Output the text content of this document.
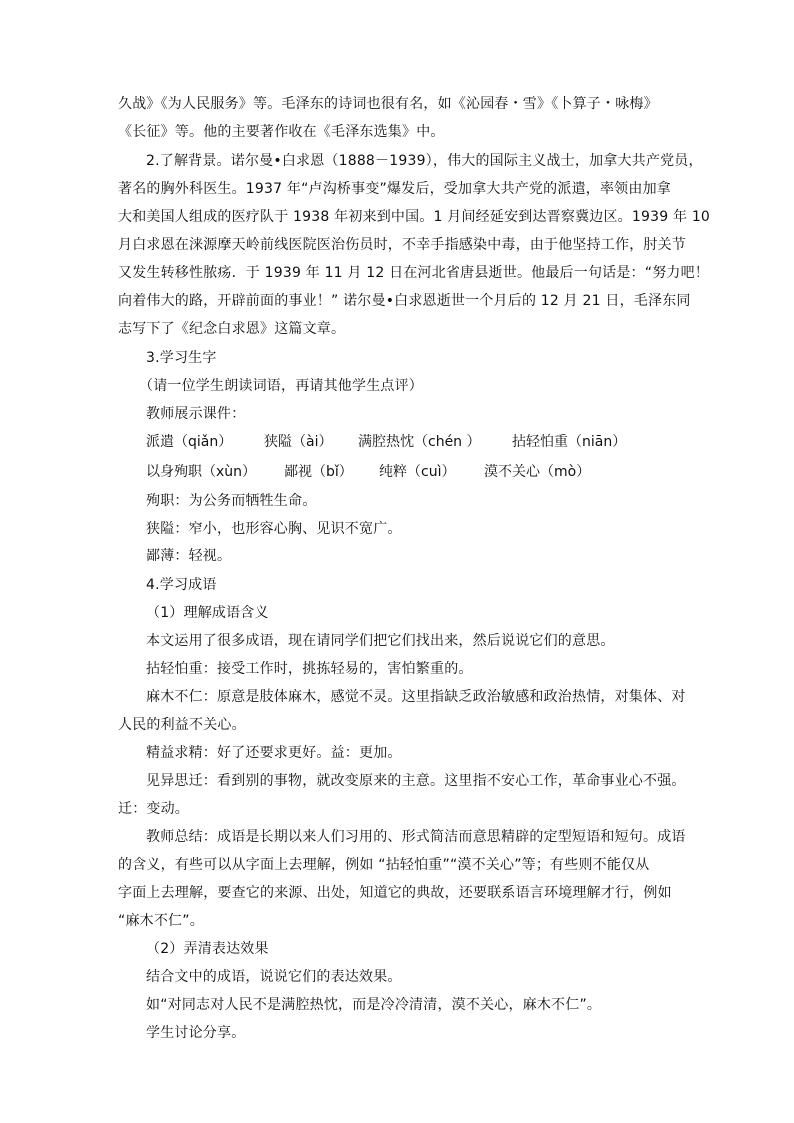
久战》《为人民服务》等。毛泽东的诗词也很有名，如《沁园春・雪》《卜算子・咏梅》
《长征》等。他的主要著作收在《毛泽东选集》中。
2.了解背景。诺尔曼•白求恩（1888－1939），伟大的国际主义战士，加拿大共产党员，
著名的胸外科医生。1937 年“卢沟桥事变”爆发后，受加拿大共产党的派遣，率领由加拿
大和美国人组成的医疗队于 1938 年初来到中国。1 月间经延安到达晋察冀边区。1939 年 10
月白求恩在涞源摩天岭前线医院医治伤员时，不幸手指感染中毒，由于他坚持工作，肘关节
又发生转移性脓疡．于 1939 年 11 月 12 日在河北省唐县逝世。他最后一句话是：“努力吧！
向着伟大的路，开辟前面的事业！” 诺尔曼•白求恩逝世一个月后的 12 月 21 日，毛泽东同
志写下了《纪念白求恩》这篇文章。
3.学习生字
（请一位学生朗读词语，再请其他学生点评）
教师展示课件：
派遣（qiǎn） 狭隘（ài） 满腔热忱（chén ） 拈轻怕重（niān）
以身殉职（xùn） 鄙视（bǐ） 纯粹（cuì） 漠不关心（mò）
殉职：为公务而牺牲生命。
狭隘：窄小，也形容心胸、见识不宽广。
鄙薄：轻视。
4.学习成语
（1）理解成语含义
本文运用了很多成语，现在请同学们把它们找出来，然后说说它们的意思。
拈轻怕重：接受工作时，挑拣轻易的，害怕繁重的。
麻木不仁：原意是肢体麻木，感觉不灵。这里指缺乏政治敏感和政治热情，对集体、对
人民的利益不关心。
精益求精：好了还要求更好。益：更加。
见异思迁：看到别的事物，就改变原来的主意。这里指不安心工作，革命事业心不强。
迁：变动。
教师总结：成语是长期以来人们习用的、形式简洁而意思精辟的定型短语和短句。成语
的含义，有些可以从字面上去理解，例如 “拈轻怕重”“漠不关心”等；有些则不能仅从
字面上去理解，要查它的来源、出处，知道它的典故，还要联系语言环境理解才行，例如
“麻木不仁”。
（2）弄清表达效果
结合文中的成语，说说它们的表达效果。
如“对同志对人民不是满腔热忱，而是冷冷清清，漠不关心，麻木不仁”。
学生讨论分享。
